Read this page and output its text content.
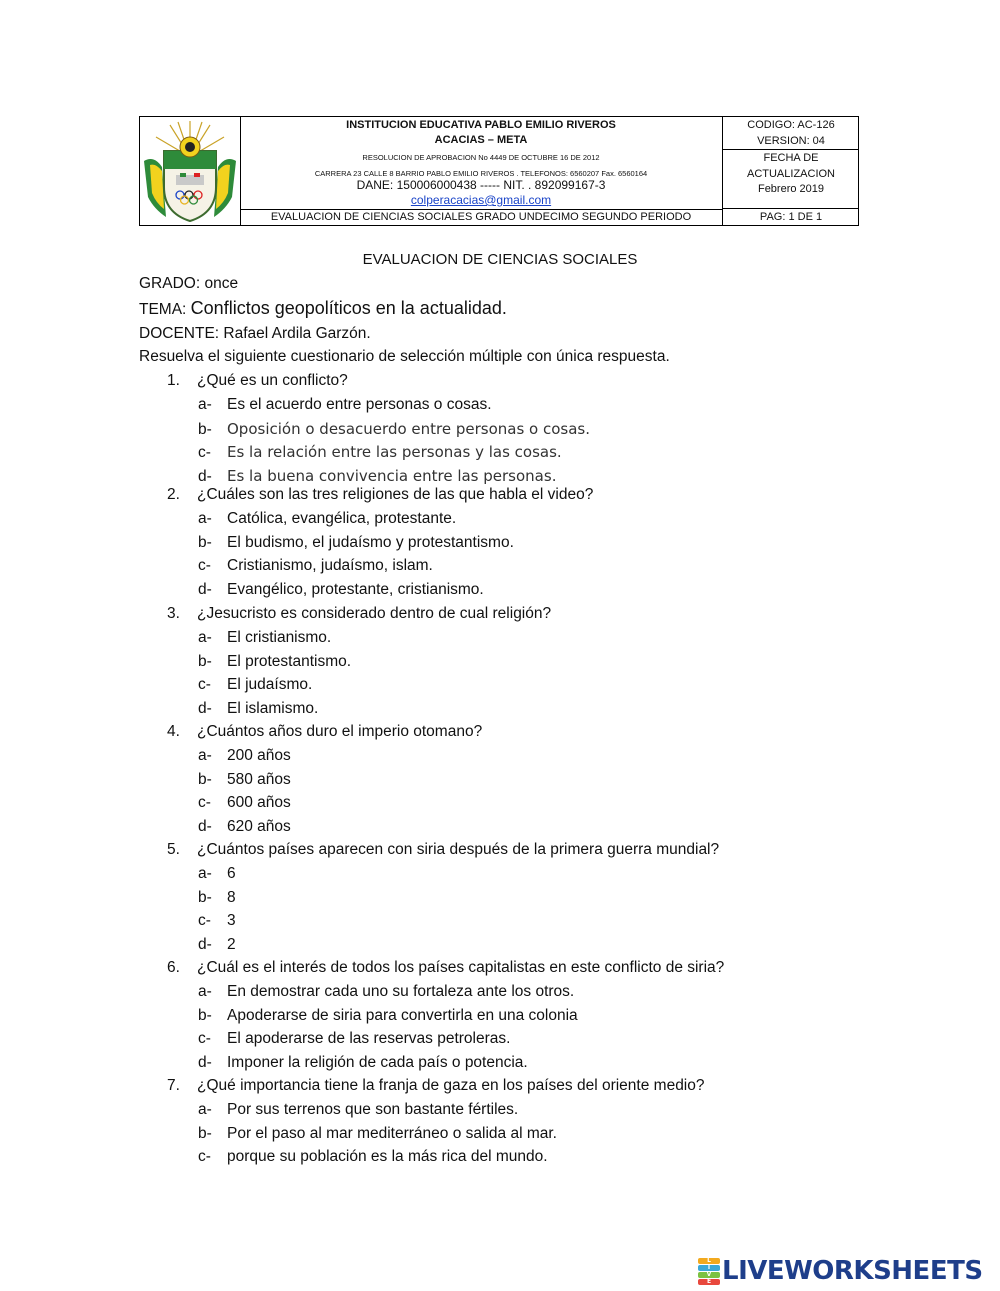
INSTITUCION EDUCATIVA PABLO EMILIO RIVEROS
ACACIAS – META
RESOLUCION DE APROBACION No 4449 DE OCTUBRE 16 DE 2012
CARRERA 23 CALLE 8 BARRIO PABLO EMILIO RIVEROS . TELEFONOS: 6560207 Fax. 6560164
DANE: 150006000438 ----- NIT. . 892099167-3
colperacacias@gmail.com
EVALUACION DE CIENCIAS SOCIALES GRADO UNDECIMO SEGUNDO PERIODO
CODIGO: AC-126
VERSION: 04
FECHA DE
ACTUALIZACION
Febrero 2019
PAG: 1 DE 1
EVALUACION DE CIENCIAS SOCIALES
GRADO: once
TEMA: Conflictos geopolíticos en la actualidad.
DOCENTE: Rafael Ardila Garzón.
Resuelva el siguiente cuestionario de selección múltiple con única respuesta.
1. ¿Qué es un conflicto?
a- Es el acuerdo entre personas o cosas.
b- Oposición o desacuerdo entre personas o cosas.
c- Es la relación entre las personas y las cosas.
d- Es la buena convivencia entre las personas.
2. ¿Cuáles son las tres religiones de las que habla el video?
a- Católica, evangélica, protestante.
b- El budismo, el judaísmo y protestantismo.
c- Cristianismo, judaísmo, islam.
d- Evangélico, protestante, cristianismo.
3. ¿Jesucristo es considerado dentro de cual religión?
a- El cristianismo.
b- El protestantismo.
c- El judaísmo.
d- El islamismo.
4. ¿Cuántos años duro el imperio otomano?
a- 200 años
b- 580 años
c- 600 años
d- 620 años
5. ¿Cuántos países aparecen con siria después de la primera guerra mundial?
a- 6
b- 8
c- 3
d- 2
6. ¿Cuál es el interés de todos los países capitalistas en este conflicto de siria?
a- En demostrar cada uno su fortaleza ante los otros.
b- Apoderarse de siria para convertirla en una colonia
c- El apoderarse de las reservas petroleras.
d- Imponer la religión de cada país o potencia.
7. ¿Qué importancia tiene la franja de gaza en los países del oriente medio?
a- Por sus terrenos que son bastante fértiles.
b- Por el paso al mar mediterráneo o salida al mar.
c- porque su población es la más rica del mundo.
L
I
V
E LIVEWORKSHEETS
